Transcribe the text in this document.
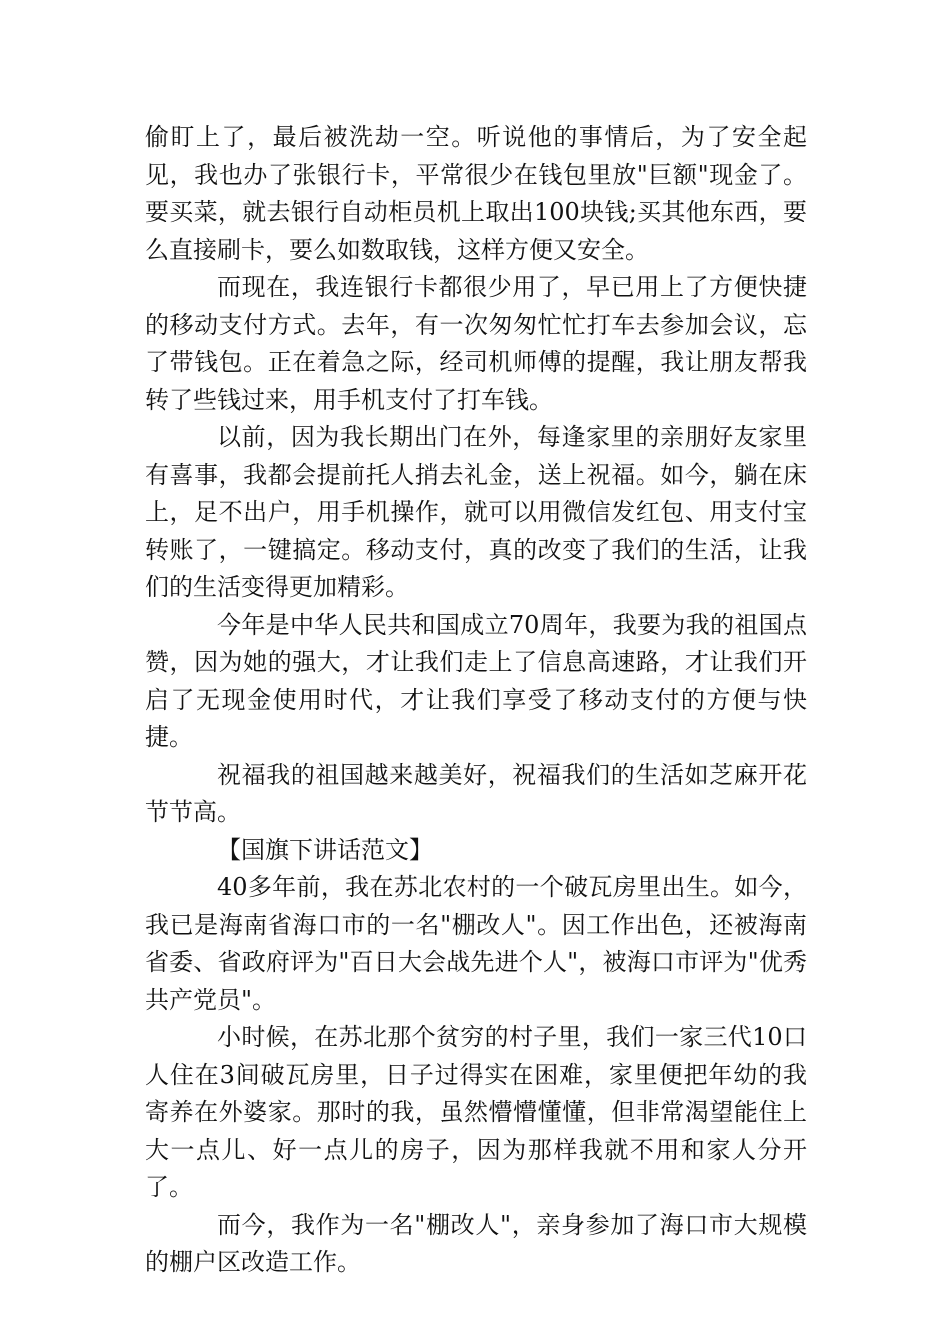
偷盯上了，最后被洗劫一空。听说他的事情后，为了安全起见，我也办了张银行卡，平常很少在钱包里放"巨额"现金了。要买菜，就去银行自动柜员机上取出100块钱;买其他东西，要么直接刷卡，要么如数取钱，这样方便又安全。

而现在，我连银行卡都很少用了，早已用上了方便快捷的移动支付方式。去年，有一次匆匆忙忙打车去参加会议，忘了带钱包。正在着急之际，经司机师傅的提醒，我让朋友帮我转了些钱过来，用手机支付了打车钱。

以前，因为我长期出门在外，每逢家里的亲朋好友家里有喜事，我都会提前托人捎去礼金，送上祝福。如今，躺在床上，足不出户，用手机操作，就可以用微信发红包、用支付宝转账了，一键搞定。移动支付，真的改变了我们的生活，让我们的生活变得更加精彩。

今年是中华人民共和国成立70周年，我要为我的祖国点赞，因为她的强大，才让我们走上了信息高速路，才让我们开启了无现金使用时代，才让我们享受了移动支付的方便与快捷。

祝福我的祖国越来越美好，祝福我们的生活如芝麻开花节节高。

【国旗下讲话范文】

40多年前，我在苏北农村的一个破瓦房里出生。如今，我已是海南省海口市的一名"棚改人"。因工作出色，还被海南省委、省政府评为"百日大会战先进个人"，被海口市评为"优秀共产党员"。

小时候，在苏北那个贫穷的村子里，我们一家三代10口人住在3间破瓦房里，日子过得实在困难，家里便把年幼的我寄养在外婆家。那时的我，虽然懵懵懂懂，但非常渴望能住上大一点儿、好一点儿的房子，因为那样我就不用和家人分开了。

而今，我作为一名"棚改人"，亲身参加了海口市大规模的棚户区改造工作。
